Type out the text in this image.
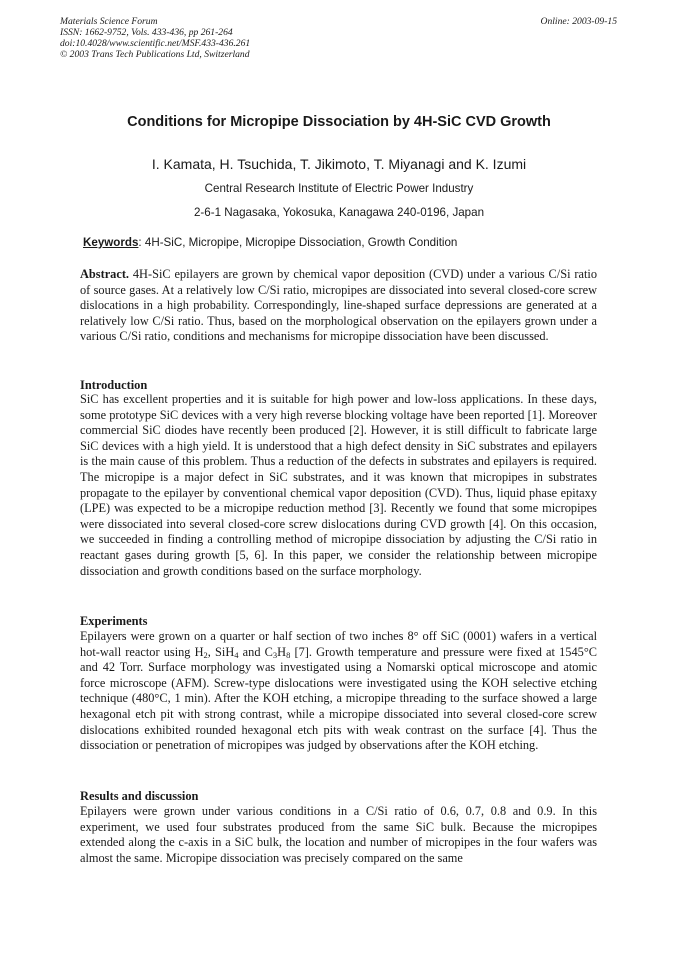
Materials Science Forum
ISSN: 1662-9752, Vols. 433-436, pp 261-264
doi:10.4028/www.scientific.net/MSF.433-436.261
© 2003 Trans Tech Publications Ltd, Switzerland
Online: 2003-09-15
Conditions for Micropipe Dissociation by 4H-SiC CVD Growth
I. Kamata, H. Tsuchida, T. Jikimoto, T. Miyanagi and K. Izumi
Central Research Institute of Electric Power Industry
2-6-1 Nagasaka, Yokosuka, Kanagawa 240-0196, Japan
Keywords: 4H-SiC, Micropipe, Micropipe Dissociation, Growth Condition
Abstract. 4H-SiC epilayers are grown by chemical vapor deposition (CVD) under a various C/Si ratio of source gases. At a relatively low C/Si ratio, micropipes are dissociated into several closed-core screw dislocations in a high probability. Correspondingly, line-shaped surface depressions are generated at a relatively low C/Si ratio. Thus, based on the morphological observation on the epilayers grown under a various C/Si ratio, conditions and mechanisms for micropipe dissociation have been discussed.
Introduction
SiC has excellent properties and it is suitable for high power and low-loss applications. In these days, some prototype SiC devices with a very high reverse blocking voltage have been reported [1]. Moreover commercial SiC diodes have recently been produced [2]. However, it is still difficult to fabricate large SiC devices with a high yield. It is understood that a high defect density in SiC substrates and epilayers is the main cause of this problem. Thus a reduction of the defects in substrates and epilayers is required. The micropipe is a major defect in SiC substrates, and it was known that micropipes in substrates propagate to the epilayer by conventional chemical vapor deposition (CVD). Thus, liquid phase epitaxy (LPE) was expected to be a micropipe reduction method [3]. Recently we found that some micropipes were dissociated into several closed-core screw dislocations during CVD growth [4]. On this occasion, we succeeded in finding a controlling method of micropipe dissociation by adjusting the C/Si ratio in reactant gases during growth [5, 6]. In this paper, we consider the relationship between micropipe dissociation and growth conditions based on the surface morphology.
Experiments
Epilayers were grown on a quarter or half section of two inches 8° off SiC (0001) wafers in a vertical hot-wall reactor using $H_2$, SiH$_4$ and $C_3H_8$ [7]. Growth temperature and pressure were fixed at 1545°C and 42 Torr. Surface morphology was investigated using a Nomarski optical microscope and atomic force microscope (AFM). Screw-type dislocations were investigated using the KOH selective etching technique (480°C, 1 min). After the KOH etching, a micropipe threading to the surface showed a large hexagonal etch pit with strong contrast, while a micropipe dissociated into several closed-core screw dislocations exhibited rounded hexagonal etch pits with weak contrast on the surface [4]. Thus the dissociation or penetration of micropipes was judged by observations after the KOH etching.
Results and discussion
Epilayers were grown under various conditions in a C/Si ratio of 0.6, 0.7, 0.8 and 0.9. In this experiment, we used four substrates produced from the same SiC bulk. Because the micropipes extended along the c-axis in a SiC bulk, the location and number of micropipes in the four wafers was almost the same. Micropipe dissociation was precisely compared on the same
